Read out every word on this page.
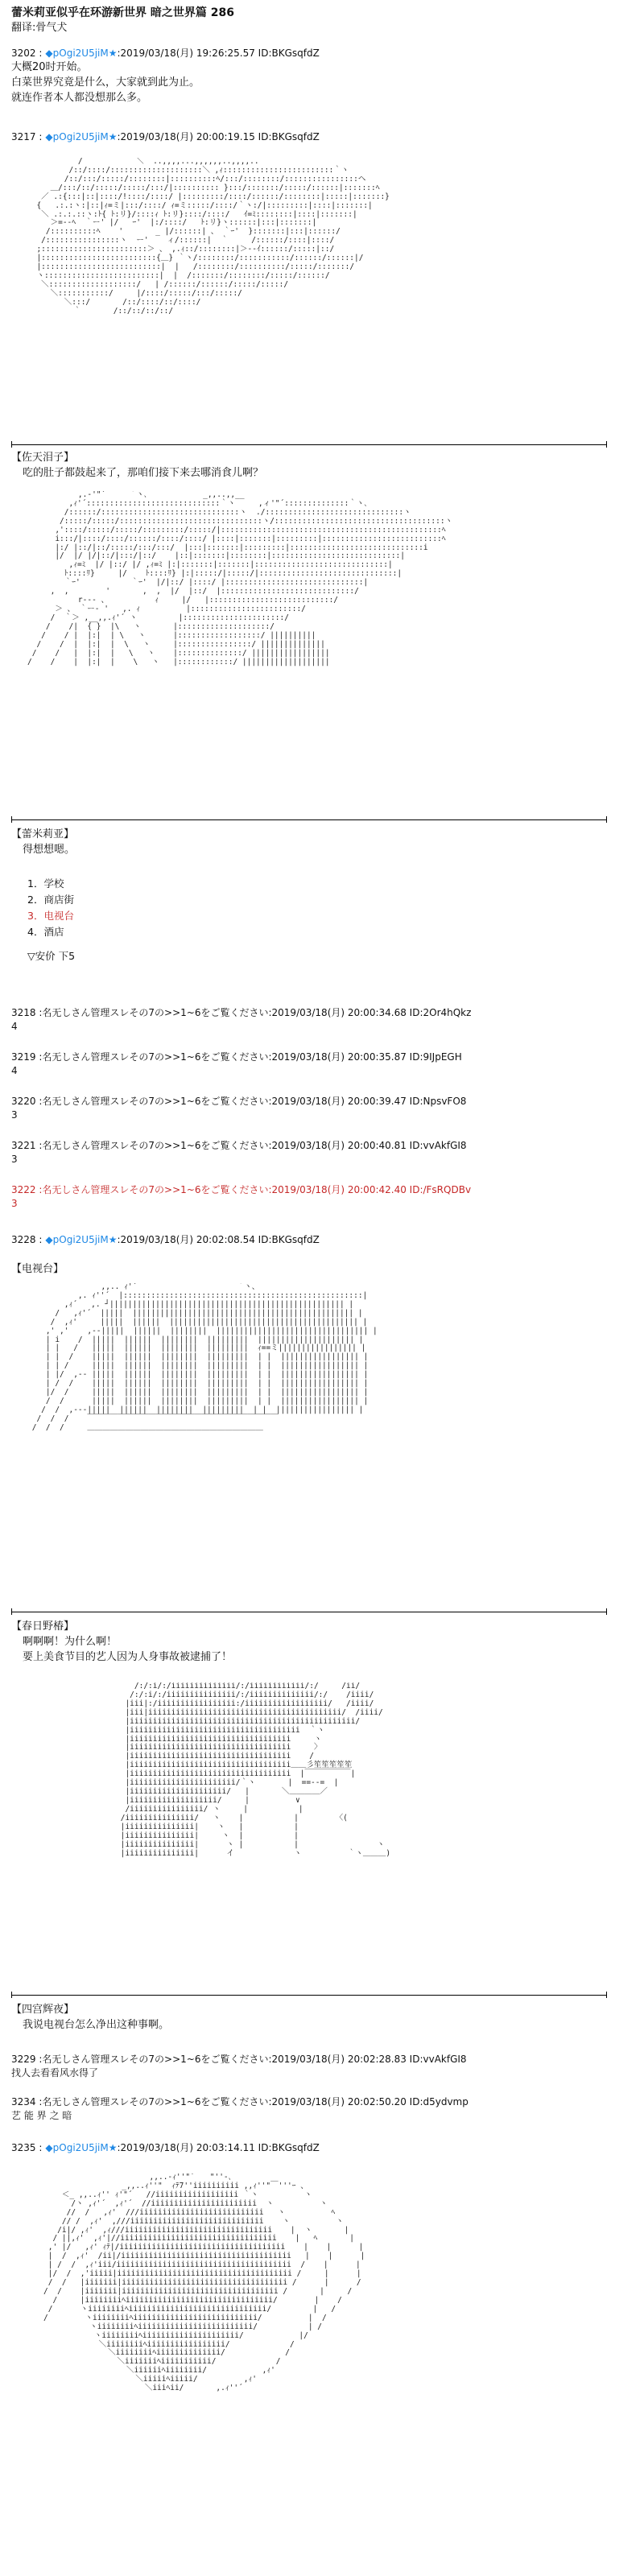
蕾米莉亚似乎在环游新世界 暗之世界篇 286
翻译:骨气犬
3202 : ◆pOgi2U5jiM★:2019/03/18(月) 19:26:25.57 ID:BKGsqfdZ
大概20时开始。
白菜世界究竟是什么，大家就到此为止。
就连作者本人都没想那么多。
3217 : ◆pOgi2U5jiM★:2019/03/18(月) 20:00:19.15 ID:BKGsqfdZ
/￣￣￣￣￣￣￣＼  ..,,,,...,,,,,,..,,,,..
/::/::::/::::::::::::::::::::＼ ,ｨ::::::::::::::::::::::::｀ヽ
/::/:::/:::::/::::::::|::::::::::ﾍ/:::/::::::::/::::::::::::::::ヘ
＿/:::/::/:::::/:::::/:::/|:::::::::: }:::/:::::::/:::::/::::::|:::::::ﾍ
／ .:{:::|::|::::/!::::/::::/ |:::::::::/::::/::::::/::::::::|:::::|:::::::}
{   .:.:ヽ:|::|ｨ=ミ|:::/::::/ ｨ=ミ:::::/::::/｀ヽ:/|:::::::::|::::|:::::::|
＼ .:.:.::ヽ:ﾄ{ ﾄ:リ}/::::ｨ ﾄ:リ}::::/::::/   ｲ=ﾐ::::::::|::::|:::::::|
＞=‐-ﾍ  ｀ー' |/   ｰ'  |:/::::/   ﾄ:リ}ヽ::::::|:::|:::::::|
/::::::::::ﾍ    '       _ |/::::::| 、 ｀ｰ'  }:::::::|:::|::::::/
/::::::::::::::::ヽ  ー'    ィ/::::::|  ｀     /::::::/::::|::::/
;:::::::::::::::::::::::＞ 、 ,.ｨ::/::::::::|＞‐‐ｲ::::::/:::::|::/
|:::::::::::::::::::::::::{＿} ｀ヽ/::::::::/:::::::::::/::::::/::::::|/
|::::::::::::::::::::::::::|  |   /::::::::/::::::::::/:::::/:::::::/
ヽ:::::::::::::::::::::::::|  |  /:::::::/::::::::/:::::/::::::/
＼:::::::::::::::::::/   | /::::::/::::::/:::::/:::::/
＼:::::::::::/     |/::::/:::::/:::/:::::/
＼:::/       /::/::::/::/::::/
｀       /::/::/::/::/
【佐天泪子】
吃的肚子都鼓起来了，那咱们接下来去哪消食儿啊？
,.-'"´￣￣￣｀ヽ､            _,,..,,__
,ｨ'´:::::::::::::::::::::::::::::｀ヽ     ,ィ'"´::::::::::::::｀ヽ､
/::::::/::::::::::::::::::::::::::::::ヽ  ./::::::::::::::::::::::::::::::ヽ
/:::::/:::::/:::::::::::::::::::::::::::::::ヽ/:::::::::::::::::::::::::::::::::::::ヽ
,'::::/:::::/:::::/:::::::::/:::::/|::::::::::::::::::::::::::::::::::::::::::::::::ﾍ
i:::/|::::/::::/::::::/::::/::::/ |::::|:::::::|:::::::::|::::::::::::::::::::::::::ﾍ
|:/ |::/|::/:::::/:::/:::/  |:::|:::::::|:::::::::|:::::::::::::::::::::::::::::i
|/  |/ |/|::/|:::/|::/    |::|:::::::|::::::::|::::::::::::::::::::::::::::|
,ｨ=ﾐ  |/ |::/ |/ ,ｨ=ﾐ |:|:::::::|:::::::|:::::::::::::::::::::::::::::|
ﾄ::::ﾘ}     |/    ﾄ::::ﾘ} |:|:::::/|:::::/|::::::::::::::::::::::::::::::|
｀ｰ'           ｀ｰ'  |/|::/ |::::/ |::::::::::::::::::::::::::::::|
,  ,        '       ,  ,  |/  |::/  |:::::::::::::::::::::::::::::/
r‐-- 、          ｨ     |/   |:::::::::::::::::::::::::::/
＞ 、 ｀ー- '   ,. ｨ          |::::::::::::::::::::::::/
/  ｀＞ ,__,,.ｨ'´ ヽ         |::::::::::::::::::::::/
/    /|  { }  |\   ヽ       |::::::::::::::::::::/
/    / |  |:|  | \   ヽ      |::::::::::::::::::/ ||||||||||
/    /  |  |:|  |  \   ヽ     |::::::::::::::::/ ||||||||||||||
/    /   |  |:|  |   \   ヽ    |::::::::::::::/ |||||||||||||||||
/    /    |  |:|  |    \   ヽ   |::::::::::::/ |||||||||||||||||||

【蕾米莉亚】
得想想嗯。
1．学校
2．商店街
3．电视台
4．酒店
▽安价 下5
3218 :名无しさん管理スレその7の>>1~6をご覧ください:2019/03/18(月) 20:00:34.68 ID:2Or4hQkz
4
3219 :名无しさん管理スレその7の>>1~6をご覧ください:2019/03/18(月) 20:00:35.87 ID:9IJpEGH
4
3220 :名无しさん管理スレその7の>>1~6をご覧ください:2019/03/18(月) 20:00:39.47 ID:NpsvFO8
3
3221 :名无しさん管理スレその7の>>1~6をご覧ください:2019/03/18(月) 20:00:40.81 ID:vvAkfGI8
3
3222 :名无しさん管理スレその7の>>1~6をご覧ください:2019/03/18(月) 20:00:42.40 ID:/FsRQDBv
3
3228 : ◆pOgi2U5jiM★:2019/03/18(月) 20:02:08.54 ID:BKGsqfdZ
【电视台】
,,.. ｨ'´￣￣￣￣￣￣￣￣￣￣￣￣￣｀ヽ、
,. ｨ''´  |::::::::::::::::::::::::::::::::::::::::::::::::::::|
,ｨ´   ,. ┘||||||||||||||||||||||||||||||||||||||||||||||||||| |
/   ,ｨ'´  |||||  |||||||||||||||||||||||||||||||||||||||||||||||| |
/  ,ｨ'     |||||  ||||||  ||||||||||||||||||||||||||||||||||||||||| |
,' ,'    ,-‐|||||  ||||||  ||||||||  ||||||||||||||||||||||||||||||||| |
| i    /  |||||  ||||||  ||||||||  |||||||||  ||||||||||||||||||||| |
| |   /   |||||  ||||||  ||||||||  |||||||||  ｨ==ミ||||||||||||||||| |
| |  /    |||||  ||||||  ||||||||  |||||||||  | |  ||||||||||||||||| |
| | /     |||||  ||||||  ||||||||  |||||||||  | |  ||||||||||||||||| |
| |/  ,-‐ |||||  ||||||  ||||||||  |||||||||  | |  ||||||||||||||||| |
| /  /    |||||  ||||||  ||||||||  |||||||||  | |  ||||||||||||||||| |
|/  /     |||||  ||||||  ||||||||  |||||||||  | |  ||||||||||||||||| |
/  /      |||||  ||||||  ||||||||  |||||||||  | |  ||||||||||||||||| |
/  /  ,-‐‐|||||  ||||||  ||||||||  |||||||||  | |  ||||||||||||||||| |
/  /  /    ￣￣￣￣￣￣￣￣￣￣￣￣￣￣￣￣￣￣￣￣￣￣￣￣￣
/  /  /     ＿＿＿＿＿＿＿＿＿＿＿＿＿＿＿＿＿＿＿＿＿＿＿

【春日野椿】
啊啊啊！为什么啊！
要上美食节目的艺人因为人身事故被逮捕了！
/:/:i/:/iiiiiiiiiiiiii/:/iiiiiiiiiiii/:/     /ii/
/:/:i/:/iiiiiiiiiiiiiii/:/iiiiiiiiiiiiii/:/    /iiii/
|iii|:/iiiiiiiiiiiiiiiii:/iiiiiiiiiiiiiiiiii/   /iiii/
|iii|iiiiiiiiiiiiiiiiiiiiiiiiiiiiiiiiiiiiiiiiii/  /iiii/
|iiiiiiiiiiiiiiiiiiiiiiiiiiiiiiiiiiiiiiiiiiiiiiiii/
|iiiiiiiiiiiiiiiiiiiiiiiiiiiiiiiiiiiii  ｀ヽ
|iiiiiiiiiiiiiiiiiiiiiiiiiiiiiiiiiii     ヽ
|iiiiiiiiiiiiiiiiiiiiiiiiiiiiiiiiiii     〉
|iiiiiiiiiiiiiiiiiiiiiiiiiiiiiiiiiii    /
|iiiiiiiiiiiiiiiiiiiiiiiiiiiiiiiiiii＿＿彡笙笙笙笙笙
|iiiiiiiiiiiiiiiiiiiiiiiiiiiiiiiiiii  |￣￣￣￣￣￣|
|iiiiiiiiiiiiiiiiiiiiiii/｀ヽ       |  ==--=  |
|iiiiiiiiiiiiiiiiiiiii/   |       ＼＿＿＿＿／
|iiiiiiiiiiiiiiiiiii/     |          ∨
/iiiiiiiiiiiiiiii/ ヽ     |           |
/iiiiiiiiiiiiiii/   ヽ    |           |        〈(
|iiiiiiiiiiiiiii|    ヽ   |           |
|iiiiiiiiiiiiiii|     ヽ  |           |
|iiiiiiiiiiiiiii|      ヽ |           |                 ヽ
|iiiiiiiiiiiiiii|      イ             ヽ          ｀ヽ＿＿＿)

【四宫辉夜】
我说电视台怎么净出这种事啊。
3229 :名无しさん管理スレその7の>>1~6をご覧ください:2019/03/18(月) 20:02:28.83 ID:vvAkfGI8
找人去看看风水得了
3234 :名无しさん管理スレその7の>>1~6をご覧ください:2019/03/18(月) 20:02:50.20 ID:d5ydvmp
艺 能 界 之 暗
3235 : ◆pOgi2U5jiM★:2019/03/18(月) 20:03:14.11 ID:BKGsqfdZ
,,..-ｨ''"´￣￣"''-､
_,,..ｨ''"  ｨﾃ7''iiiiiiiiii ,,ｨ''"￣'''ｰ 、
＜_ ,,..ｨ'' ｨ'"´   //iiiiiiiiiiiiiiiiii ｀ヽ          ヽ
/ヽ ,ｨ'´  ,ｨ'´  //iiiiiiiiiiiiiiiiiiiiiii  ヽ          ヽ
//  /   ,ｨ'  ///iiiiiiiiiiiiiiiiiiiiiiiiiii   ヽ          ﾍ
// /  ,ｨ'  ,///iiiiiiiiiiiiiiiiiiiiiiiiiiiii    ヽ          ヽ
/i|/ ,ｨ'  ,ｨ///iiiiiiiiiiiiiiiiiiiiiiiiiiiiiiii    |  ヽ       |
/ ||,ｨ'  ,ｨ'|//iiiiiiiiiiiiiiiiiiiiiiiiiiiiiiiiii    |   ﾍ       |
,' |/   ,ｨ' ｨﾃ|/iiiiiiiiiiiiiiiiiiiiiiiiiiiiiiiiiiii    |    |      |
|  /  ,ｨ'  /ii|/iiiiiiiiiiiiiiiiiiiiiiiiiiiiiiiiiiiii   |    |      |
| /  /  ,ｨ'iii/iiiiiiiiiiiiiiiiiiiiiiiiiiiiiiiiiiiiii  /    |      |
|/  /  ,'iiiii|iiiiiiiiiiiiiiiiiiiiiiiiiiiiiiiiiiiiii /     |      |
/  /   |iiiiiii|iiiiiiiiiiiiiiiiiiiiiiiiiiiiiiiiiiii /      |      /
/  /    |iiiiiii|iiiiiiiiiiiiiiiiiiiiiiiiiiiiiiiiii /       |     /
/     |iiiiiiiiﾍiiiiiiiiiiiiiiiiiiiiiiiiiiiiiiii/        |    /
/      ヽiiiiiiiiﾍiiiiiiiiiiiiiiiiiiiiiiiiiiiiii/         |   /
/        ヽiiiiiiiiﾍiiiiiiiiiiiiiiiiiiiiiiiiiii/          |  /
ヽiiiiiiiiﾍiiiiiiiiiiiiiiiiiiiiiiiii/           | /
ヽiiiiiiiiﾍiiiiiiiiiiiiiiiiiiiii/            |/
＼iiiiiiiiﾍiiiiiiiiiiiiiiiii/             /
＼iiiiiiiiﾍiiiiiiiiiiiiii/             /
＼iiiiiiiﾍiiiiiiiiiii/             /
＼iiiiiiﾍiiiiiiii/            ,ｨ'
＼iiiiiﾍiiiii/          ,ｨ'
＼iiiﾍii/       ,.ｨ''´
